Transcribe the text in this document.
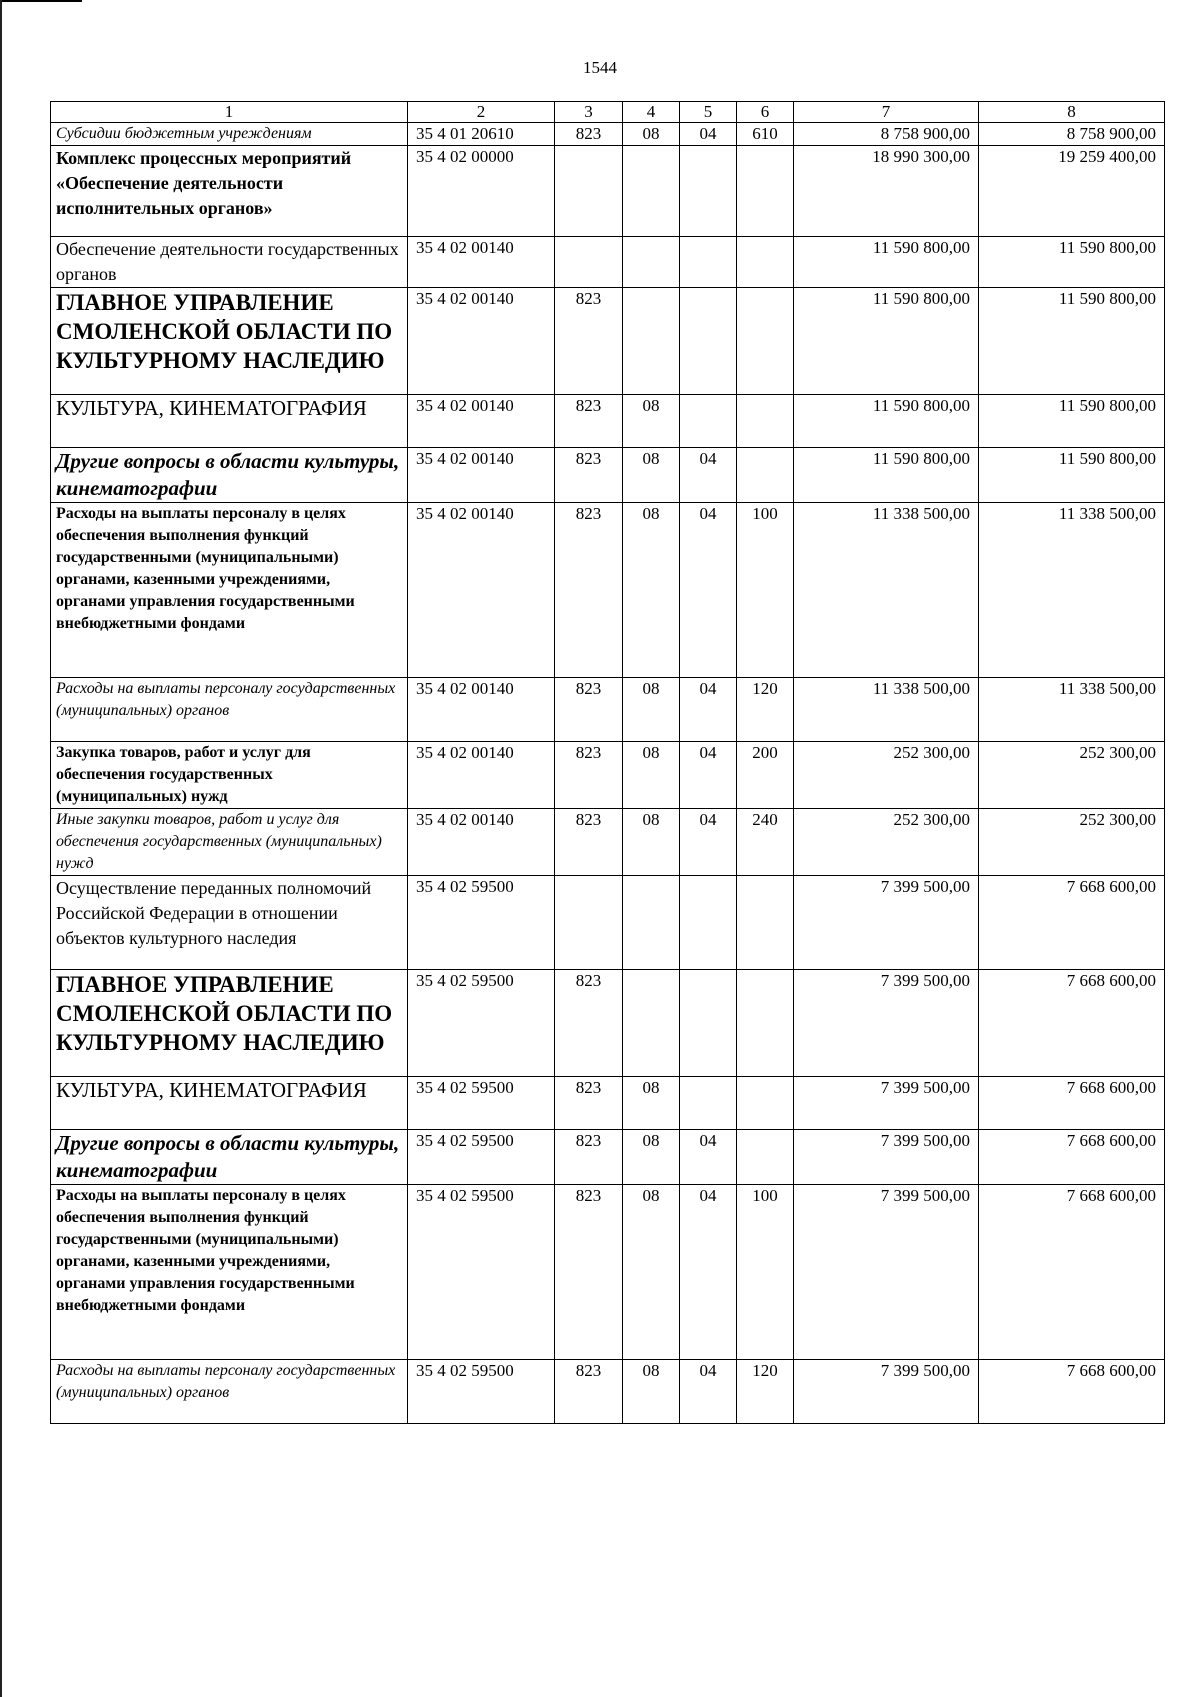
1544
1	2	3	4	5	6	7	8

Субсидии бюджетным учреждениям	35 4 01 20610	823	08	04	610	8 758 900,00	8 758 900,00

Комплекс процессных мероприятий «Обеспечение деятельности исполнительных органов»	35 4 02 00000					18 990 300,00	19 259 400,00

Обеспечение деятельности государственных органов	35 4 02 00140					11 590 800,00	11 590 800,00

ГЛАВНОЕ УПРАВЛЕНИЕ СМОЛЕНСКОЙ ОБЛАСТИ ПО КУЛЬТУРНОМУ НАСЛЕДИЮ	35 4 02 00140	823				11 590 800,00	11 590 800,00

КУЛЬТУРА, КИНЕМАТОГРАФИЯ	35 4 02 00140	823	08			11 590 800,00	11 590 800,00

Другие вопросы в области культуры, кинематографии	35 4 02 00140	823	08	04		11 590 800,00	11 590 800,00

Расходы на выплаты персоналу в целях обеспечения выполнения функций государственными (муниципальными) органами, казенными учреждениями, органами управления государственными внебюджетными фондами	35 4 02 00140	823	08	04	100	11 338 500,00	11 338 500,00

Расходы на выплаты персоналу государственных (муниципальных) органов	35 4 02 00140	823	08	04	120	11 338 500,00	11 338 500,00

Закупка товаров, работ и услуг для обеспечения государственных (муниципальных) нужд	35 4 02 00140	823	08	04	200	252 300,00	252 300,00

Иные закупки товаров, работ и услуг для обеспечения государственных (муниципальных) нужд	35 4 02 00140	823	08	04	240	252 300,00	252 300,00

Осуществление переданных полномочий Российской Федерации в отношении объектов культурного наследия	35 4 02 59500					7 399 500,00	7 668 600,00

ГЛАВНОЕ УПРАВЛЕНИЕ СМОЛЕНСКОЙ ОБЛАСТИ ПО КУЛЬТУРНОМУ НАСЛЕДИЮ	35 4 02 59500	823				7 399 500,00	7 668 600,00

КУЛЬТУРА, КИНЕМАТОГРАФИЯ	35 4 02 59500	823	08			7 399 500,00	7 668 600,00

Другие вопросы в области культуры, кинематографии	35 4 02 59500	823	08	04		7 399 500,00	7 668 600,00

Расходы на выплаты персоналу в целях обеспечения выполнения функций государственными (муниципальными) органами, казенными учреждениями, органами управления государственными внебюджетными фондами	35 4 02 59500	823	08	04	100	7 399 500,00	7 668 600,00

Расходы на выплаты персоналу государственных (муниципальных) органов	35 4 02 59500	823	08	04	120	7 399 500,00	7 668 600,00
